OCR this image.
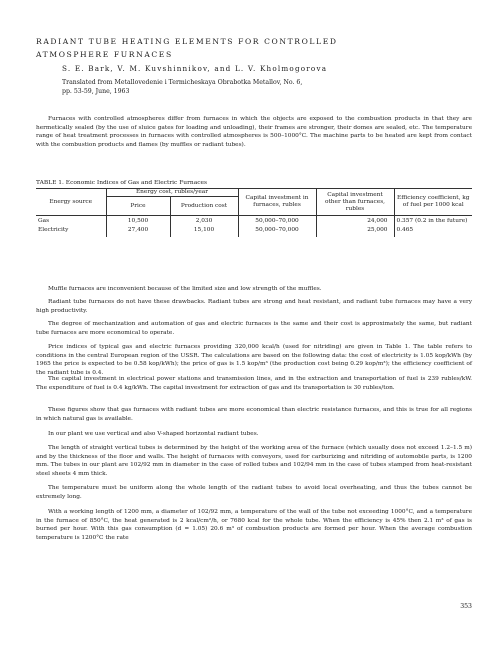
RADIANT TUBE HEATING ELEMENTS FOR CONTROLLED
ATMOSPHERE FURNACES
S. E. Bark, V. M. Kuvshinnikov, and L. V. Kholmogorova
Translated from Metallovedenie i Termicheskaya Obrabotka Metallov, No. 6,
pp. 53-59, June, 1963

Furnaces with controlled atmospheres differ from furnaces in which the objects are exposed to the combustion products in that they are hermetically sealed (by the use of sluice gates for loading and unloading), their frames are stronger, their domes are sealed, etc. The temperature range of heat treatment processes in furnaces with controlled atmospheres is 500–1000°C. The machine parts to be heated are kept from contact with the combustion products and flames (by muffles or radiant tubes).

TABLE 1. Economic Indices of Gas and Electric Furnaces
Energy source	Energy cost, rubles/year		Capital investment in furnaces, rubles	Capital investment other than furnaces, rubles	Efficiency coefficient, kg of fuel per 1000 kcal
	Price	Production cost			
Gas	10,500	2,030	50,000–70,000	24,000	0.357 (0.2 in the future)
Electricity	27,400	15,100	50,000–70,000	25,000	0.465

Muffle furnaces are inconvenient because of the limited size and low strength of the muffles.

Radiant tube furnaces do not have these drawbacks. Radiant tubes are strong and heat resistant, and radiant tube furnaces may have a very high productivity.

The degree of mechanization and automation of gas and electric furnaces is the same and their cost is approximately the same, but radiant tube furnaces are more economical to operate.

Price indices of typical gas and electric furnaces providing 320,000 kcal/h (used for nitriding) are given in Table 1. The table refers to conditions in the central European region of the USSR. The calculations are based on the following data: the cost of electricity is 1.05 kop/kWh (by 1965 the price is expected to be 0.58 kop/kWh); the price of gas is 1.5 kop/m³ (the production cost being 0.29 kop/m³); the efficiency coefficient of the radiant tube is 0.4.

The capital investment in electrical power stations and transmission lines, and in the extraction and transportation of fuel is 239 rubles/kW. The expenditure of fuel is 0.4 kg/kWh. The capital investment for extraction of gas and its transportation is 30 rubles/ton.

These figures show that gas furnaces with radiant tubes are more economical than electric resistance furnaces, and this is true for all regions in which natural gas is available.

In our plant we use vertical and also V-shaped horizontal radiant tubes.

The length of straight vertical tubes is determined by the height of the working area of the furnace (which usually does not exceed 1.2–1.5 m) and by the thickness of the floor and walls. The height of furnaces with conveyors, used for carburizing and nitriding of automobile parts, is 1200 mm. The tubes in our plant are 102/92 mm in diameter in the case of rolled tubes and 102/94 mm in the case of tubes stamped from heat-resistant steel sheets 4 mm thick.

The temperature must be uniform along the whole length of the radiant tubes to avoid local overheating, and thus the tubes cannot be extremely long.

With a working length of 1200 mm, a diameter of 102/92 mm, a temperature of the wall of the tube not exceeding 1000°C, and a temperature in the furnace of 850°C, the heat generated is 2 kcal/cm²/h, or 7680 kcal for the whole tube. When the efficiency is 45% then 2.1 m³ of gas is burned per hour. With this gas consumption (d = 1.05) 20.6 m³ of combustion products are formed per hour. When the average combustion temperature is 1200°C the rate

353
